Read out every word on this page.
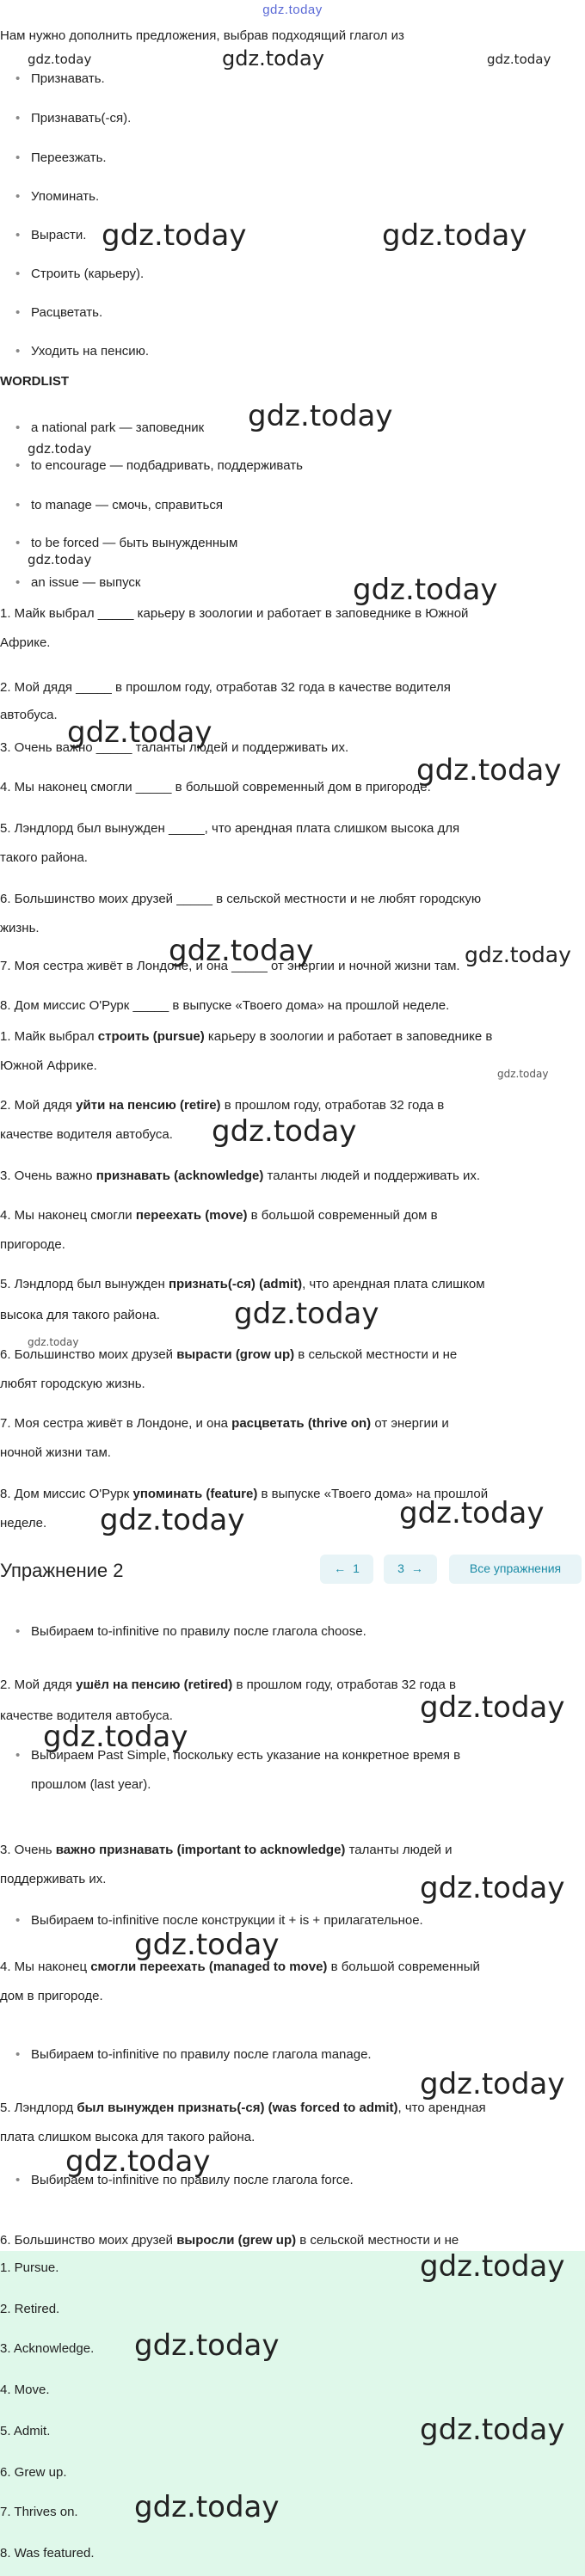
gdz.today
Нам нужно дополнить предложения, выбрав подходящий глагол из
gdz.today	gdz.today	gdz.today
• Признавать.
• Признавать(-ся).
• Переезжать.
• Упоминать.
• Вырасти.
• Строить (карьеру).
• Расцветать.
• Уходить на пенсию.
gdz.today	gdz.today
WORDLIST
• a national park — заповедник
• to encourage — подбадривать, поддерживать
• to manage — смочь, справиться
• to be forced — быть вынужденным
• an issue — выпуск
gdz.today
gdz.today
gdz.today
1. Майк выбрал _____ карьеру в зоологии и работает в заповеднике в Южной
Африке.
2. Мой дядя _____ в прошлом году, отработав 32 года в качестве водителя
автобуса.
3. Очень важно _____ таланты людей и поддерживать их.
4. Мы наконец смогли _____ в большой современный дом в пригороде.
5. Лэндлорд был вынужден _____, что арендная плата слишком высока для
такого района.
6. Большинство моих друзей _____ в сельской местности и не любят городскую
жизнь.
7. Моя сестра живёт в Лондоне, и она _____ от энергии и ночной жизни там.
8. Дом миссис О'Рурк _____ в выпуске «Твоего дома» на прошлой неделе.
gdz.today
gdz.today
gdz.today
gdz.today	gdz.today
1. Майк выбрал строить (pursue) карьеру в зоологии и работает в заповеднике в
Южной Африке.
2. Мой дядя уйти на пенсию (retire) в прошлом году, отработав 32 года в
качестве водителя автобуса.
3. Очень важно признавать (acknowledge) таланты людей и поддерживать их.
4. Мы наконец смогли переехать (move) в большой современный дом в
пригороде.
5. Лэндлорд был вынужден признать(-ся) (admit), что арендная плата слишком
высока для такого района.
6. Большинство моих друзей вырасти (grow up) в сельской местности и не
любят городскую жизнь.
7. Моя сестра живёт в Лондоне, и она расцветать (thrive on) от энергии и
ночной жизни там.
8. Дом миссис О'Рурк упоминать (feature) в выпуске «Твоего дома» на прошлой
неделе.
gdz.today
gdz.today
gdz.today
gdz.today
gdz.today	gdz.today
Упражнение 2	← 1	3 →	Все упражнения
• Выбираем to-infinitive по правилу после глагола choose.
2. Мой дядя ушёл на пенсию (retired) в прошлом году, отработав 32 года в
качестве водителя автобуса.
• Выбираем Past Simple, поскольку есть указание на конкретное время в
прошлом (last year).
3. Очень важно признавать (important to acknowledge) таланты людей и
поддерживать их.
• Выбираем to-infinitive после конструкции it + is + прилагательное.
4. Мы наконец смогли переехать (managed to move) в большой современный
дом в пригороде.
• Выбираем to-infinitive по правилу после глагола manage.
5. Лэндлорд был вынужден признать(-ся) (was forced to admit), что арендная
плата слишком высока для такого района.
• Выбираем to-infinitive по правилу после глагола force.
6. Большинство моих друзей выросли (grew up) в сельской местности и не
gdz.today
gdz.today
gdz.today
gdz.today
gdz.today
gdz.today
1. Pursue.
2. Retired.
3. Acknowledge.
4. Move.
5. Admit.
6. Grew up.
7. Thrives on.
8. Was featured.
gdz.today
gdz.today
gdz.today
gdz.today
